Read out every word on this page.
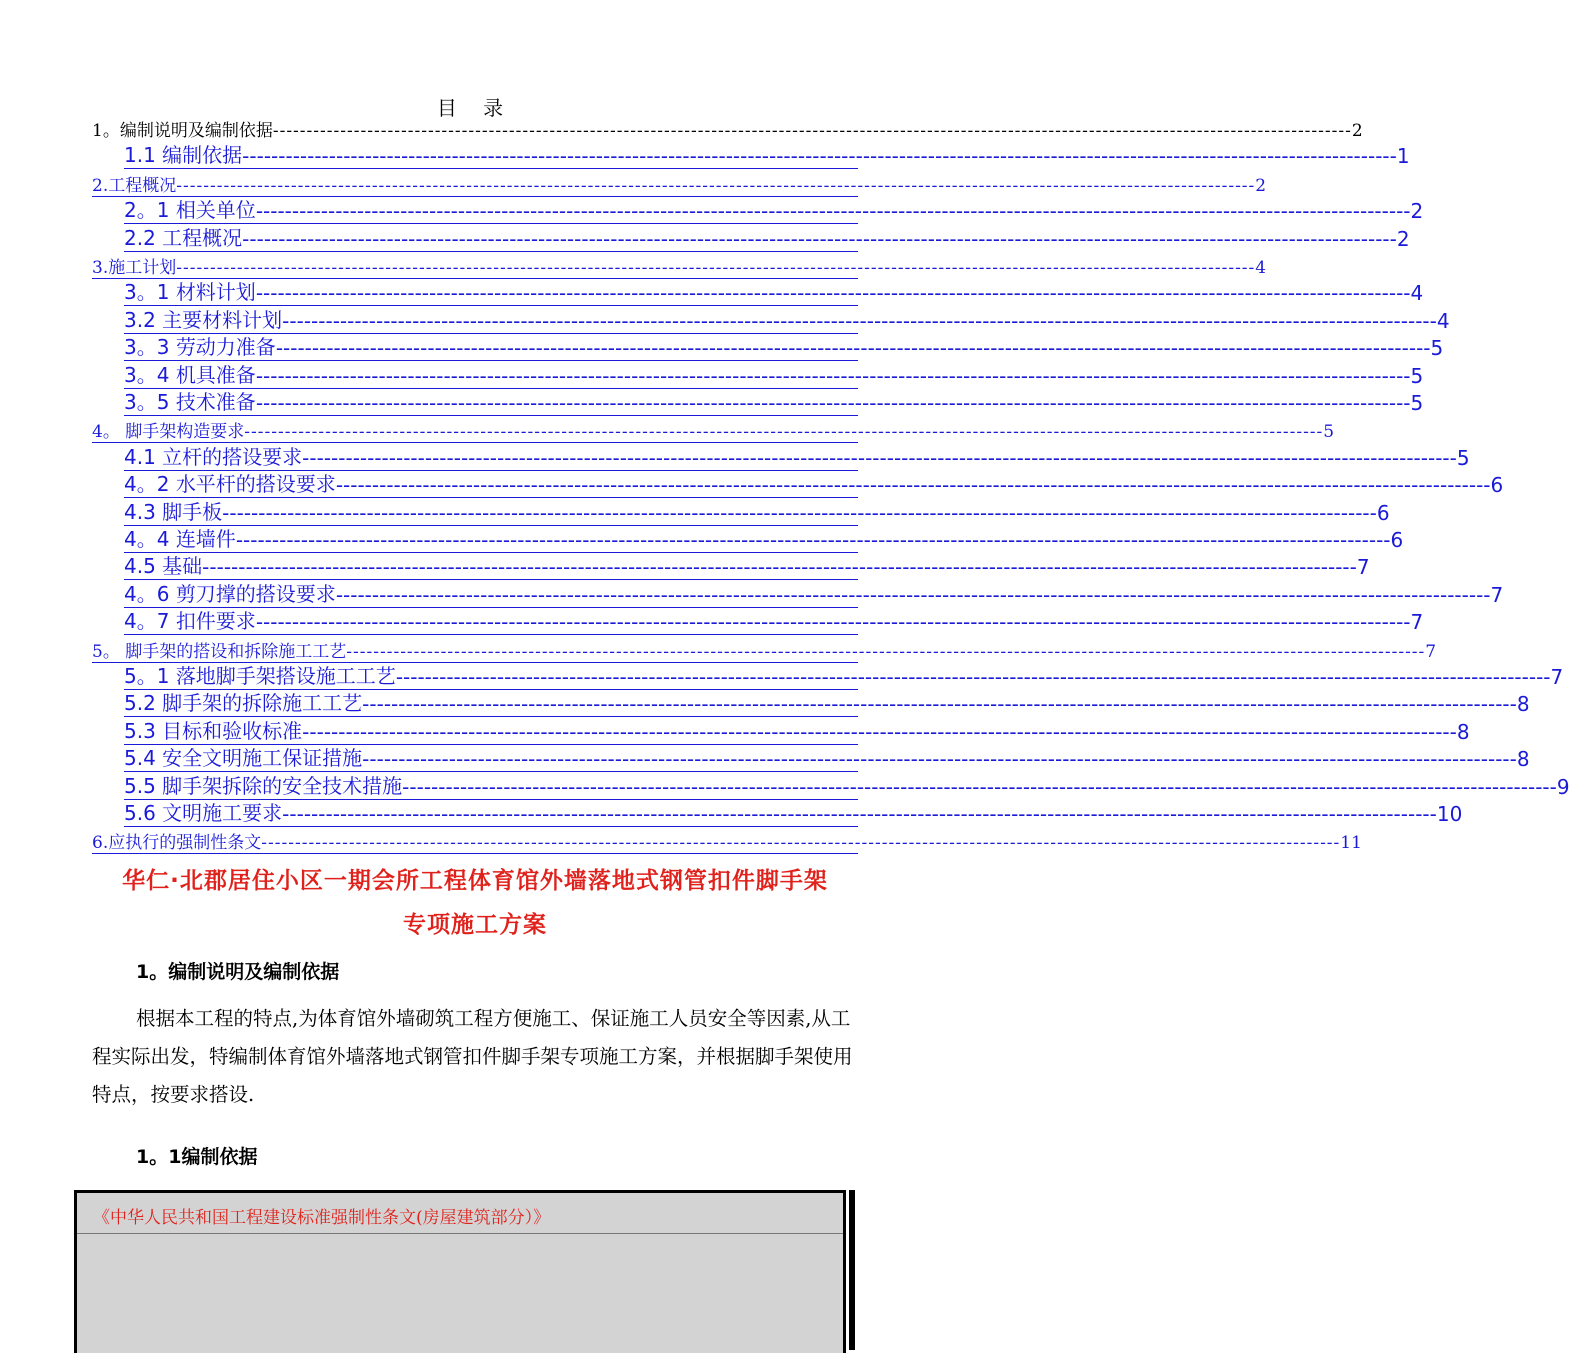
目 录
1。编制说明及编制依据 ---------------------------------------------------------------------------------------------------------------------------------------------------------------- 2
1.1 编制依据 ---------------------------------------------------------------------------------------------------------------------------------------------------------------- 1
2.工程概况 ---------------------------------------------------------------------------------------------------------------------------------------------------------------- 2
2。1 相关单位 ---------------------------------------------------------------------------------------------------------------------------------------------------------------- 2
2.2 工程概况 ---------------------------------------------------------------------------------------------------------------------------------------------------------------- 2
3.施工计划 ---------------------------------------------------------------------------------------------------------------------------------------------------------------- 4
3。1 材料计划 ---------------------------------------------------------------------------------------------------------------------------------------------------------------- 4
3.2 主要材料计划 ---------------------------------------------------------------------------------------------------------------------------------------------------------------- 4
3。3 劳动力准备 ---------------------------------------------------------------------------------------------------------------------------------------------------------------- 5
3。4 机具准备 ---------------------------------------------------------------------------------------------------------------------------------------------------------------- 5
3。5 技术准备 ---------------------------------------------------------------------------------------------------------------------------------------------------------------- 5
4。 脚手架构造要求 ---------------------------------------------------------------------------------------------------------------------------------------------------------------- 5
4.1 立杆的搭设要求 ---------------------------------------------------------------------------------------------------------------------------------------------------------------- 5
4。2 水平杆的搭设要求 ---------------------------------------------------------------------------------------------------------------------------------------------------------------- 6
4.3 脚手板 ---------------------------------------------------------------------------------------------------------------------------------------------------------------- 6
4。4 连墙件 ---------------------------------------------------------------------------------------------------------------------------------------------------------------- 6
4.5 基础 ---------------------------------------------------------------------------------------------------------------------------------------------------------------- 7
4。6 剪刀撑的搭设要求 ---------------------------------------------------------------------------------------------------------------------------------------------------------------- 7
4。7 扣件要求 ---------------------------------------------------------------------------------------------------------------------------------------------------------------- 7
5。 脚手架的搭设和拆除施工工艺 ---------------------------------------------------------------------------------------------------------------------------------------------------------------- 7
5。1 落地脚手架搭设施工工艺 ---------------------------------------------------------------------------------------------------------------------------------------------------------------- 7
5.2 脚手架的拆除施工工艺 ---------------------------------------------------------------------------------------------------------------------------------------------------------------- 8
5.3 目标和验收标准 ---------------------------------------------------------------------------------------------------------------------------------------------------------------- 8
5.4 安全文明施工保证措施 ---------------------------------------------------------------------------------------------------------------------------------------------------------------- 8
5.5 脚手架拆除的安全技术措施 ---------------------------------------------------------------------------------------------------------------------------------------------------------------- 9
5.6 文明施工要求 ---------------------------------------------------------------------------------------------------------------------------------------------------------------- 10
6.应执行的强制性条文 ---------------------------------------------------------------------------------------------------------------------------------------------------------------- 11
华仁·北郡居住小区一期会所工程体育馆外墙落地式钢管扣件脚手架
专项施工方案
1。编制说明及编制依据
根据本工程的特点,为体育馆外墙砌筑工程方便施工、保证施工人员安全等因素,从工程实际出发，特编制体育馆外墙落地式钢管扣件脚手架专项施工方案，并根据脚手架使用特点，按要求搭设.
1。1编制依据
《中华人民共和国工程建设标准强制性条文(房屋建筑部分）》
